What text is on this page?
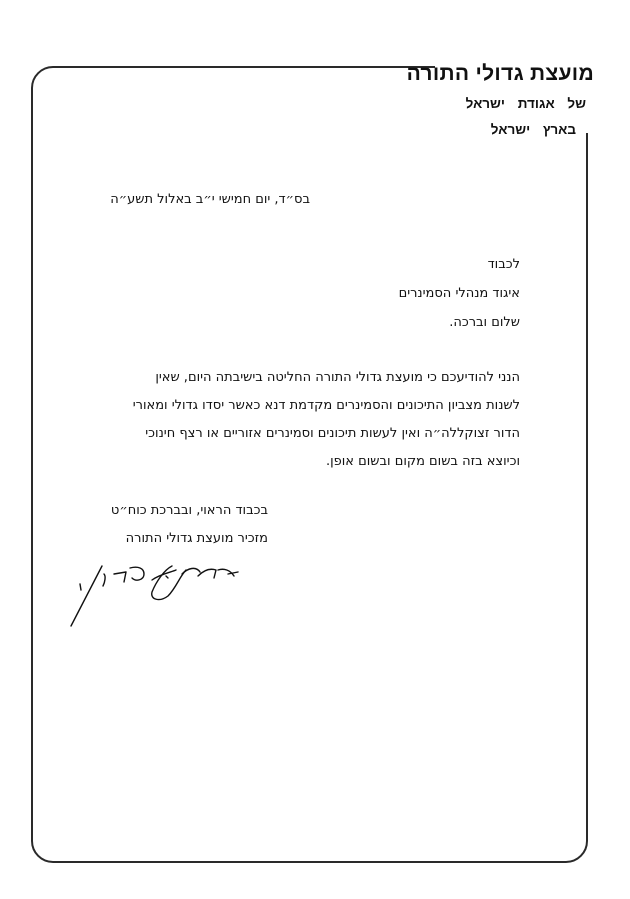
מועצת גדולי התורה
של אגודת ישראל
בארץ ישראל
בס״ד, יום חמישי י״ב באלול תשע״ה
לכבוד
איגוד מנהלי הסמינרים
שלום וברכה.
הנני להודיעכם כי מועצת גדולי התורה החליטה בישיבתה היום, שאין
לשנות מצביון התיכונים והסמינרים מקדמת דנא כאשר יסדו גדולי ומאורי
הדור זצוקללה״ה ואין לעשות תיכונים וסמינרים אזוריים או רצף חינוכי
וכיוצא בזה בשום מקום ובשום אופן.
בכבוד הראוי, ובברכת כוח״ט
מזכיר מועצת גדולי התורה
